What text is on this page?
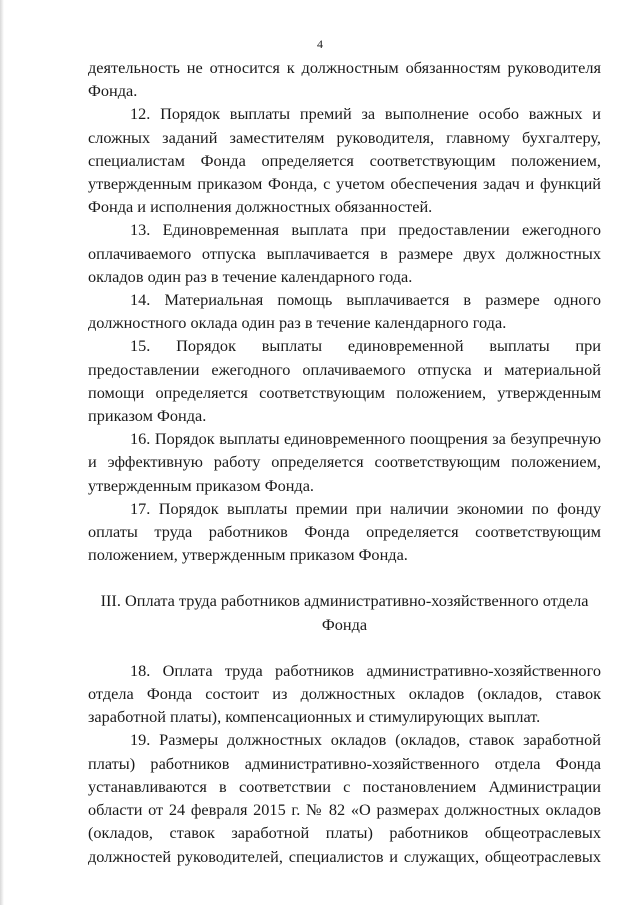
4

деятельность не относится к должностным обязанностям руководителя Фонда.

12. Порядок выплаты премий за выполнение особо важных и сложных заданий заместителям руководителя, главному бухгалтеру, специалистам Фонда определяется соответствующим положением, утвержденным приказом Фонда, с учетом обеспечения задач и функций Фонда и исполнения должностных обязанностей.

13. Единовременная выплата при предоставлении ежегодного оплачиваемого отпуска выплачивается в размере двух должностных окладов один раз в течение календарного года.

14. Материальная помощь выплачивается в размере одного должностного оклада один раз в течение календарного года.

15. Порядок выплаты единовременной выплаты при предоставлении ежегодного оплачиваемого отпуска и материальной помощи определяется соответствующим положением, утвержденным приказом Фонда.

16. Порядок выплаты единовременного поощрения за безупречную и эффективную работу определяется соответствующим положением, утвержденным приказом Фонда.

17. Порядок выплаты премии при наличии экономии по фонду оплаты труда работников Фонда определяется соответствующим положением, утвержденным приказом Фонда.

III. Оплата труда работников административно-хозяйственного отдела Фонда

18. Оплата труда работников административно-хозяйственного отдела Фонда состоит из должностных окладов (окладов, ставок заработной платы), компенсационных и стимулирующих выплат.

19. Размеры должностных окладов (окладов, ставок заработной платы) работников административно-хозяйственного отдела Фонда устанавливаются в соответствии с постановлением Администрации области от 24 февраля 2015 г. № 82 «О размерах должностных окладов (окладов, ставок заработной платы) работников общеотраслевых должностей руководителей, специалистов и служащих, общеотраслевых
